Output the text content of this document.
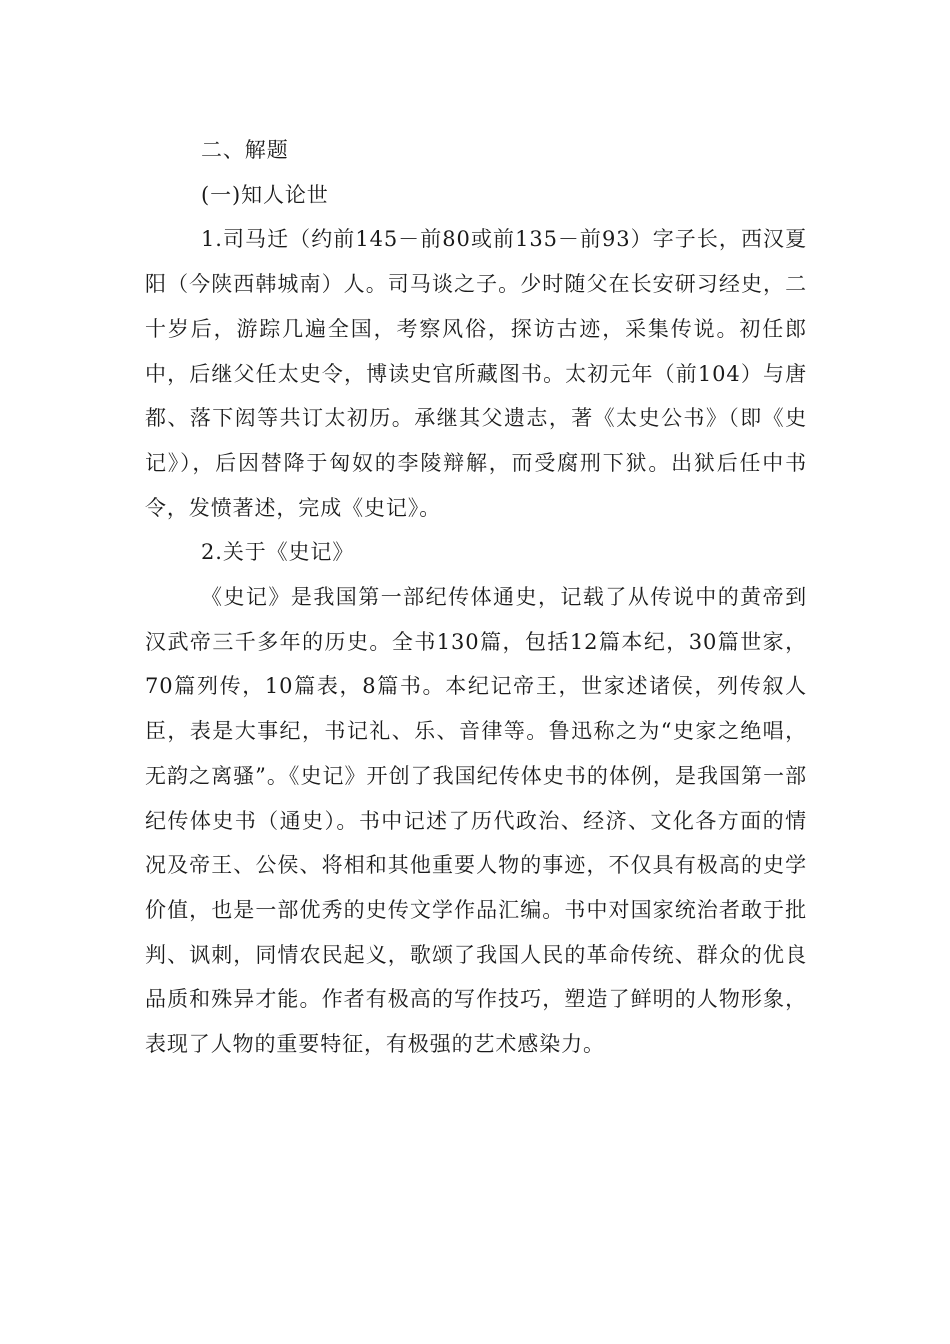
二、解题

(一)知人论世

1.司马迁（约前145－前80或前135－前93）字子长，西汉夏阳（今陕西韩城南）人。司马谈之子。少时随父在长安研习经史，二十岁后，游踪几遍全国，考察风俗，探访古迹，采集传说。初任郎中，后继父任太史令，博读史官所藏图书。太初元年（前104）与唐都、落下闳等共订太初历。承继其父遗志，著《太史公书》（即《史记》），后因替降于匈奴的李陵辩解，而受腐刑下狱。出狱后任中书令，发愤著述，完成《史记》。

2.关于《史记》

《史记》是我国第一部纪传体通史，记载了从传说中的黄帝到汉武帝三千多年的历史。全书130篇，包括12篇本纪，30篇世家，70篇列传，10篇表，8篇书。本纪记帝王，世家述诸侯，列传叙人臣，表是大事纪，书记礼、乐、音律等。鲁迅称之为“史家之绝唱，无韵之离骚”。《史记》开创了我国纪传体史书的体例，是我国第一部纪传体史书（通史）。书中记述了历代政治、经济、文化各方面的情况及帝王、公侯、将相和其他重要人物的事迹，不仅具有极高的史学价值，也是一部优秀的史传文学作品汇编。书中对国家统治者敢于批判、讽刺，同情农民起义，歌颂了我国人民的革命传统、群众的优良品质和殊异才能。作者有极高的写作技巧，塑造了鲜明的人物形象，表现了人物的重要特征，有极强的艺术感染力。
